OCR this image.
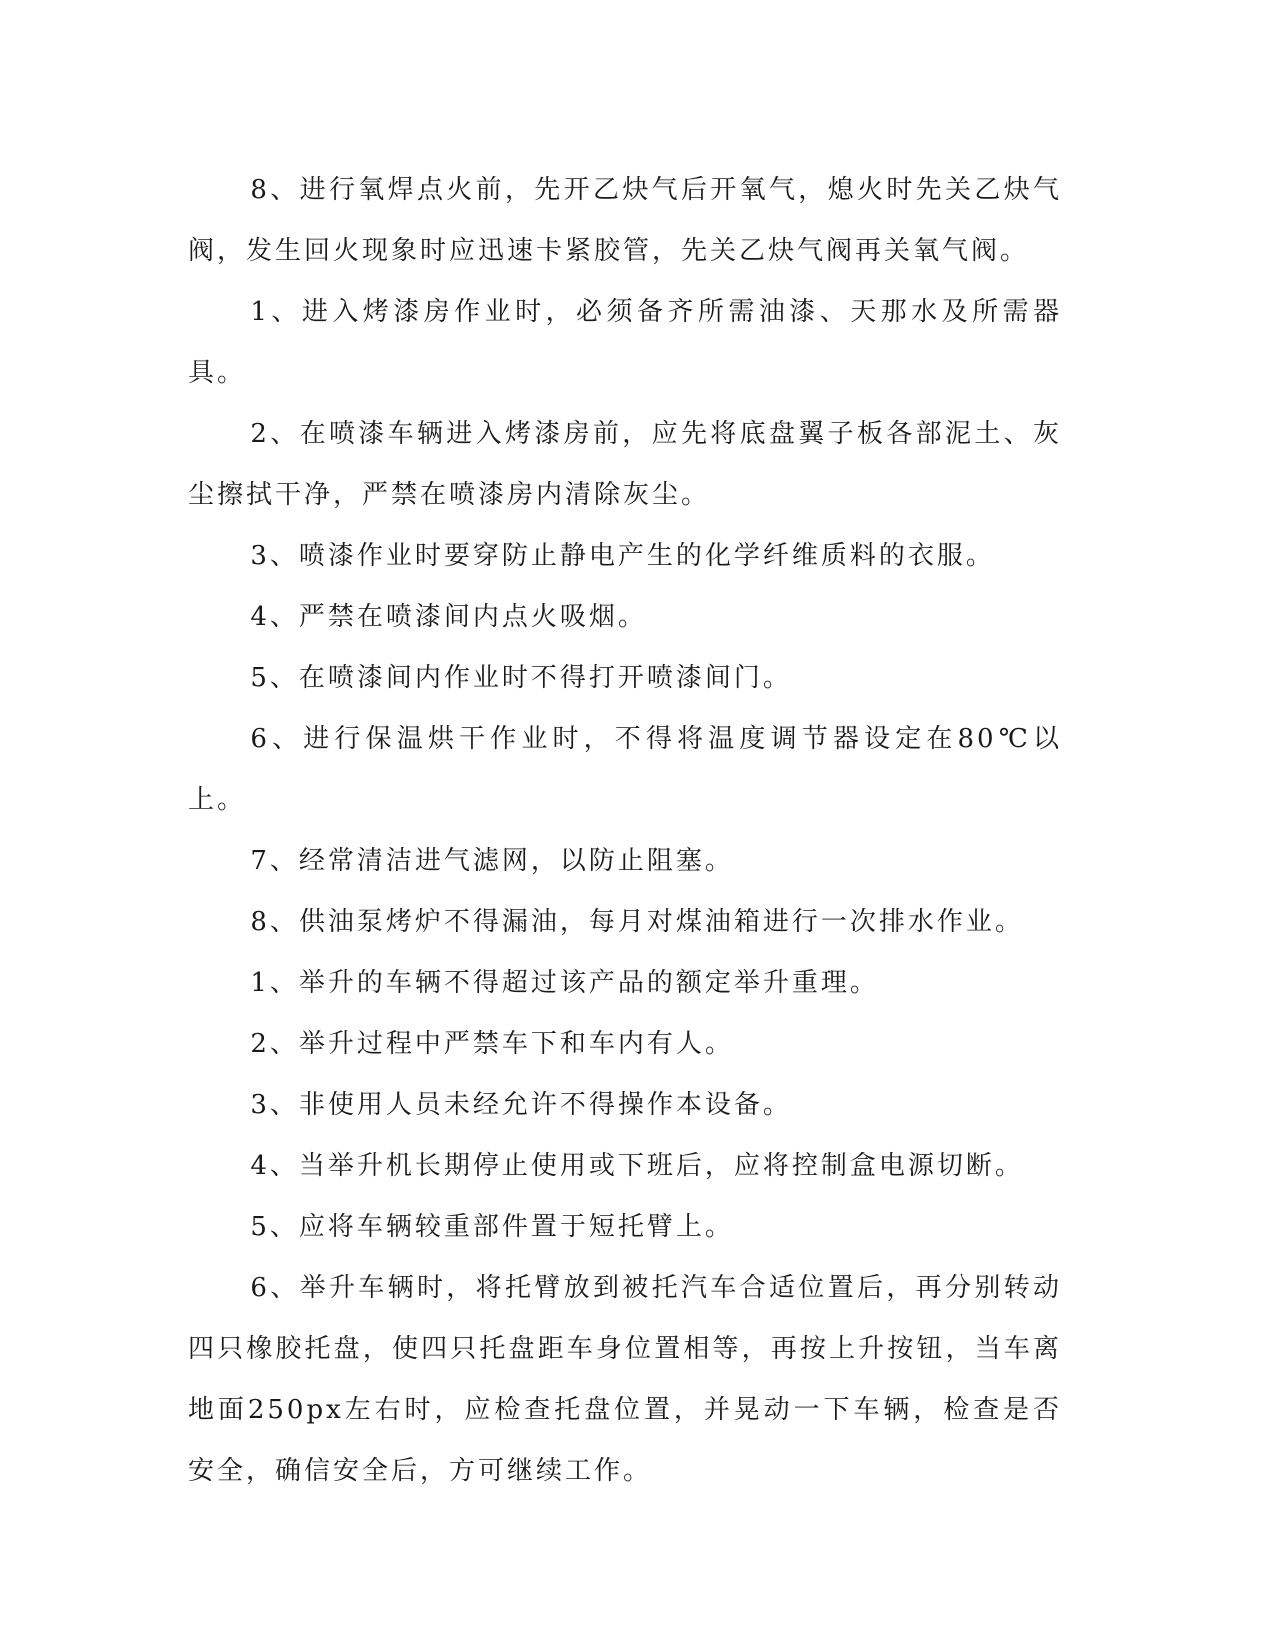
8、进行氧焊点火前，先开乙炔气后开氧气，熄火时先关乙炔气阀，发生回火现象时应迅速卡紧胶管，先关乙炔气阀再关氧气阀。

1、进入烤漆房作业时，必须备齐所需油漆、天那水及所需器具。

2、在喷漆车辆进入烤漆房前，应先将底盘翼子板各部泥土、灰尘擦拭干净，严禁在喷漆房内清除灰尘。

3、喷漆作业时要穿防止静电产生的化学纤维质料的衣服。

4、严禁在喷漆间内点火吸烟。

5、在喷漆间内作业时不得打开喷漆间门。

6、进行保温烘干作业时，不得将温度调节器设定在80℃以上。

7、经常清洁进气滤网，以防止阻塞。

8、供油泵烤炉不得漏油，每月对煤油箱进行一次排水作业。

1、举升的车辆不得超过该产品的额定举升重理。

2、举升过程中严禁车下和车内有人。

3、非使用人员未经允许不得操作本设备。

4、当举升机长期停止使用或下班后，应将控制盒电源切断。

5、应将车辆较重部件置于短托臂上。

6、举升车辆时，将托臂放到被托汽车合适位置后，再分别转动四只橡胶托盘，使四只托盘距车身位置相等，再按上升按钮，当车离地面250px左右时，应检查托盘位置，并晃动一下车辆，检查是否安全，确信安全后，方可继续工作。
